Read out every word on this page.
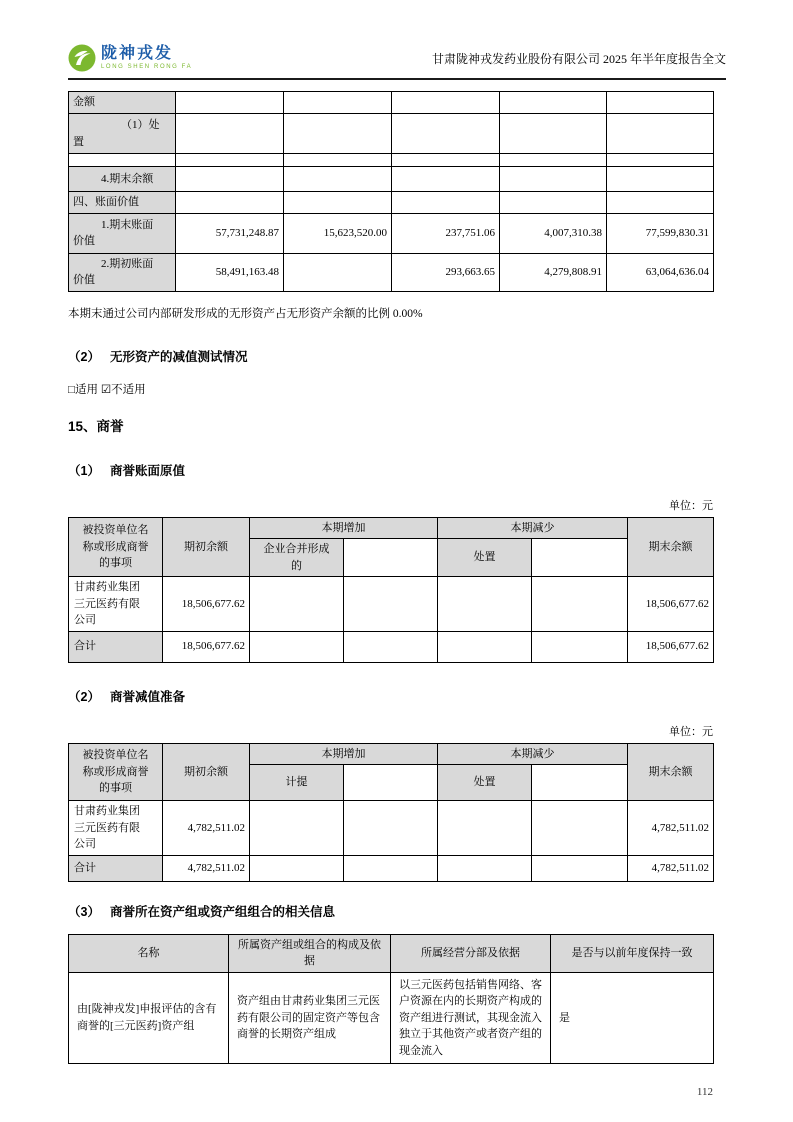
陇神戎发
LONG SHEN RONG FA
甘肃陇神戎发药业股份有限公司 2025 年半年度报告全文
金额					
（1）处置					

4.期末余额					
四、账面价值					
1.期末账面价值	57,731,248.87	15,623,520.00	237,751.06	4,007,310.38	77,599,830.31
2.期初账面价值	58,491,163.48		293,663.65	4,279,808.91	63,064,636.04
本期末通过公司内部研发形成的无形资产占无形资产余额的比例 0.00%
（2） 无形资产的减值测试情况
□适用 ☑不适用
15、商誉
（1） 商誉账面原值
单位：元
被投资单位名称或形成商誉的事项	期初余额	本期增加		本期减少		期末余额
		企业合并形成的		处置		
甘肃药业集团三元医药有限公司	18,506,677.62					18,506,677.62
合计	18,506,677.62					18,506,677.62
（2） 商誉减值准备
单位：元
被投资单位名称或形成商誉的事项	期初余额	本期增加		本期减少		期末余额
		计提		处置		
甘肃药业集团三元医药有限公司	4,782,511.02					4,782,511.02
合计	4,782,511.02					4,782,511.02
（3） 商誉所在资产组或资产组组合的相关信息
名称	所属资产组或组合的构成及依据	所属经营分部及依据	是否与以前年度保持一致
由[陇神戎发]申报评估的含有商誉的[三元医药]资产组	资产组由甘肃药业集团三元医药有限公司的固定资产等包含商誉的长期资产组成	以三元医药包括销售网络、客户资源在内的长期资产构成的资产组进行测试，其现金流入独立于其他资产或者资产组的现金流入	是
112
